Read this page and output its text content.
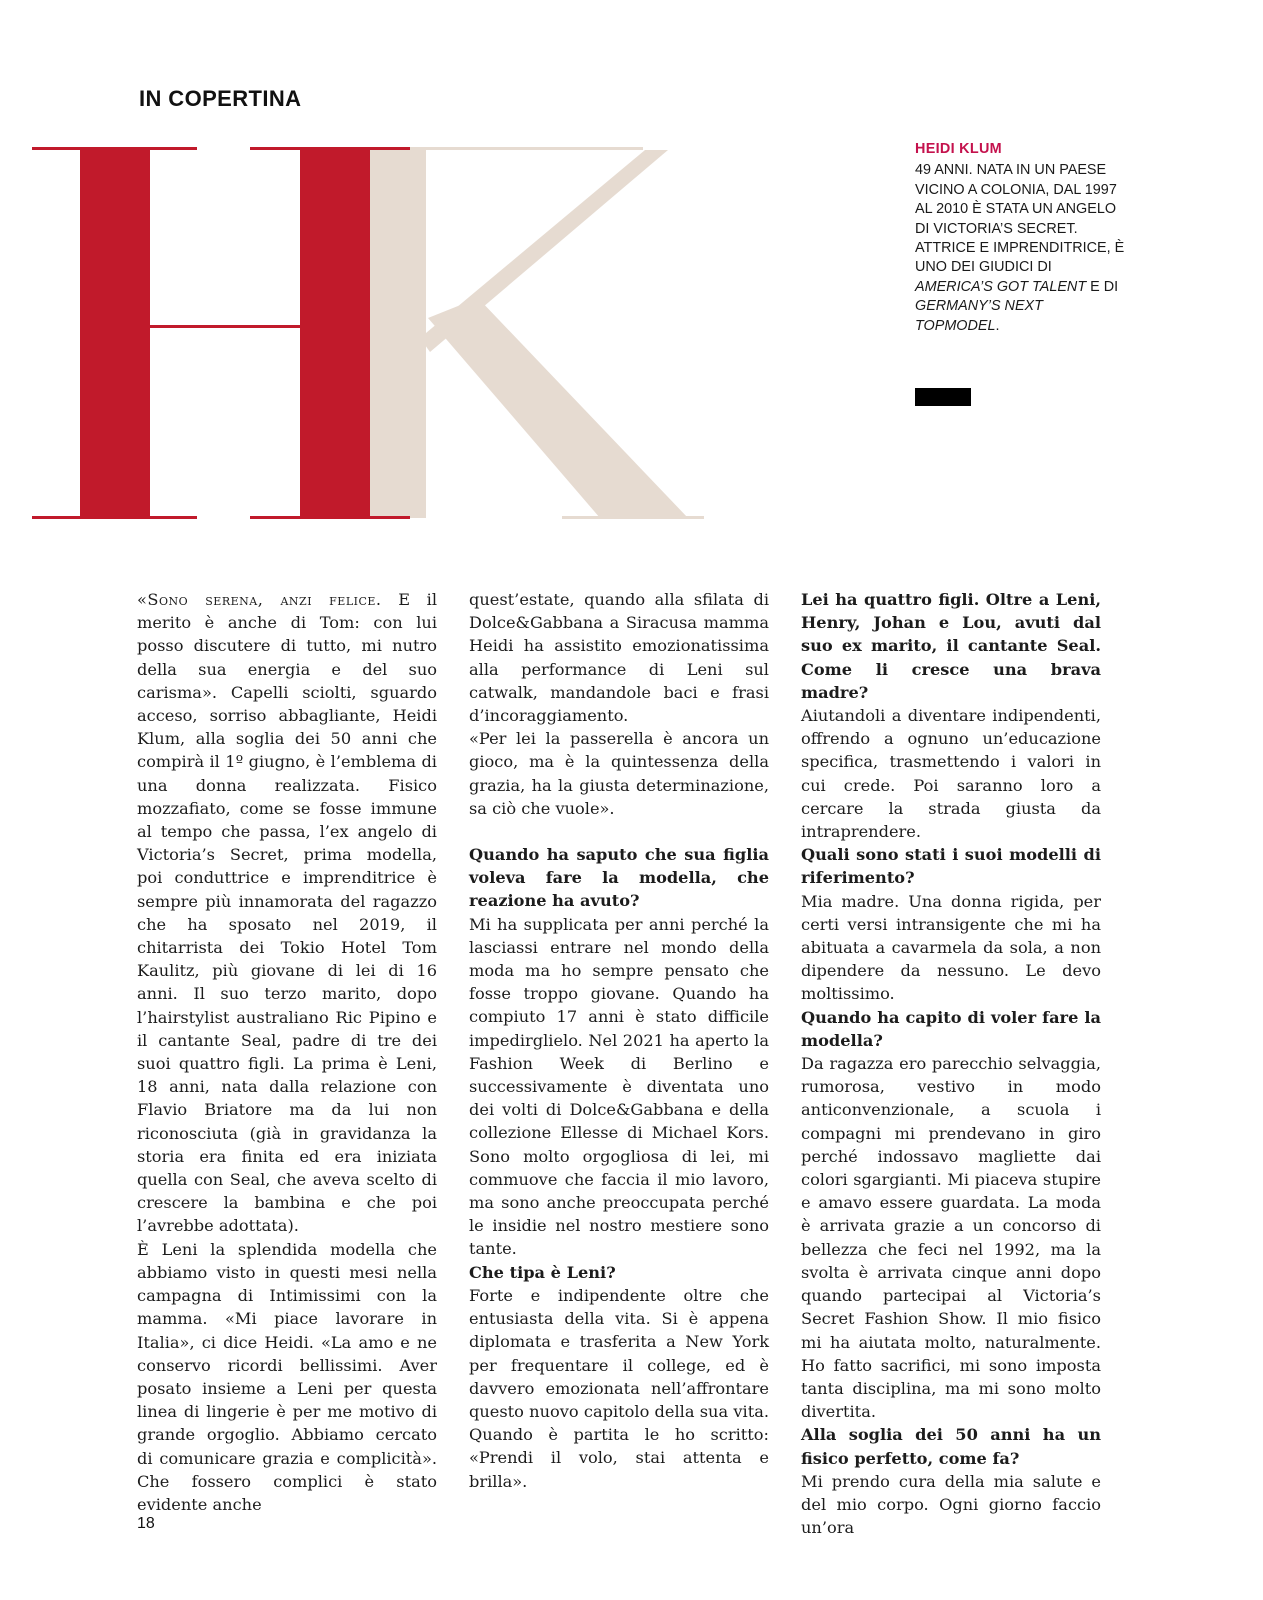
IN COPERTINA
HEIDI KLUM
49 ANNI. NATA IN UN PAESE VICINO A COLONIA, DAL 1997 AL 2010 È STATA UN ANGELO DI VICTORIA’S SECRET. ATTRICE E IMPRENDITRICE, È UNO DEI GIUDICI DI AMERICA’S GOT TALENT E DI GERMANY’S NEXT TOPMODEL.

«Sono serena, anzi felice. E il merito è anche di Tom: con lui posso discutere di tutto, mi nutro della sua energia e del suo carisma». Capelli sciolti, sguardo acceso, sorriso abbagliante, Heidi Klum, alla soglia dei 50 anni che compirà il 1º giugno, è l’emblema di una donna realizzata. Fisico mozzafiato, come se fosse immune al tempo che passa, l’ex angelo di Victoria’s Secret, prima modella, poi conduttrice e imprenditrice è sempre più innamorata del ragazzo che ha sposato nel 2019, il chitarrista dei Tokio Hotel Tom Kaulitz, più giovane di lei di 16 anni. Il suo terzo marito, dopo l’hairstylist australiano Ric Pipino e il cantante Seal, padre di tre dei suoi quattro figli. La prima è Leni, 18 anni, nata dalla relazione con Flavio Briatore ma da lui non riconosciuta (già in gravidanza la storia era finita ed era iniziata quella con Seal, che aveva scelto di crescere la bambina e che poi l’avrebbe adottata).

È Leni la splendida modella che abbiamo visto in questi mesi nella campagna di Intimissimi con la mamma. «Mi piace lavorare in Italia», ci dice Heidi. «La amo e ne conservo ricordi bellissimi. Aver posato insieme a Leni per questa linea di lingerie è per me motivo di grande orgoglio. Abbiamo cercato di comunicare grazia e complicità». Che fossero complici è stato evidente anche

quest’estate, quando alla sfilata di Dolce&Gabbana a Siracusa mamma Heidi ha assistito emozionatissima alla performance di Leni sul catwalk, mandandole baci e frasi d’incoraggiamento.

«Per lei la passerella è ancora un gioco, ma è la quintessenza della grazia, ha la giusta determinazione, sa ciò che vuole».

Quando ha saputo che sua figlia voleva fare la modella, che reazione ha avuto?

Mi ha supplicata per anni perché la lasciassi entrare nel mondo della moda ma ho sempre pensato che fosse troppo giovane. Quando ha compiuto 17 anni è stato difficile impedirglielo. Nel 2021 ha aperto la Fashion Week di Berlino e successivamente è diventata uno dei volti di Dolce&Gabbana e della collezione Ellesse di Michael Kors. Sono molto orgogliosa di lei, mi commuove che faccia il mio lavoro, ma sono anche preoccupata perché le insidie nel nostro mestiere sono tante.

Che tipa è Leni?

Forte e indipendente oltre che entusiasta della vita. Si è appena diplomata e trasferita a New York per frequentare il college, ed è davvero emozionata nell’affrontare questo nuovo capitolo della sua vita. Quando è partita le ho scritto: «Prendi il volo, stai attenta e brilla».

Lei ha quattro figli. Oltre a Leni, Henry, Johan e Lou, avuti dal suo ex marito, il cantante Seal. Come li cresce una brava madre?

Aiutandoli a diventare indipendenti, offrendo a ognuno un’educazione specifica, trasmettendo i valori in cui crede. Poi saranno loro a cercare la strada giusta da intraprendere.

Quali sono stati i suoi modelli di riferimento?

Mia madre. Una donna rigida, per certi versi intransigente che mi ha abituata a cavarmela da sola, a non dipendere da nessuno. Le devo moltissimo.

Quando ha capito di voler fare la modella?

Da ragazza ero parecchio selvaggia, rumorosa, vestivo in modo anticonvenzionale, a scuola i compagni mi prendevano in giro perché indossavo magliette dai colori sgargianti. Mi piaceva stupire e amavo essere guardata. La moda è arrivata grazie a un concorso di bellezza che feci nel 1992, ma la svolta è arrivata cinque anni dopo quando partecipai al Victoria’s Secret Fashion Show. Il mio fisico mi ha aiutata molto, naturalmente. Ho fatto sacrifici, mi sono imposta tanta disciplina, ma mi sono molto divertita.

Alla soglia dei 50 anni ha un fisico perfetto, come fa?

Mi prendo cura della mia salute e del mio corpo. Ogni giorno faccio un’ora

18
